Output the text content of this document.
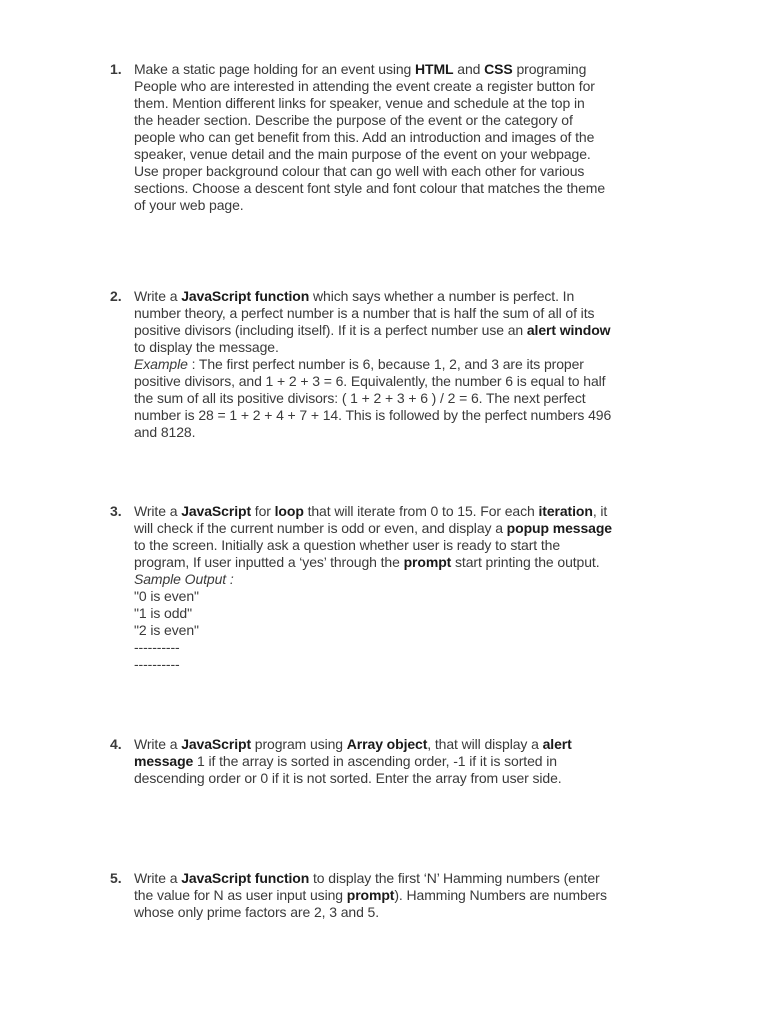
1. Make a static page holding for an event using HTML and CSS programing
People who are interested in attending the event create a register button for
them. Mention different links for speaker, venue and schedule at the top in
the header section. Describe the purpose of the event or the category of
people who can get benefit from this. Add an introduction and images of the
speaker, venue detail and the main purpose of the event on your webpage.
Use proper background colour that can go well with each other for various
sections. Choose a descent font style and font colour that matches the theme
of your web page.
2. Write a JavaScript function which says whether a number is perfect. In
number theory, a perfect number is a number that is half the sum of all of its
positive divisors (including itself). If it is a perfect number use an alert window
to display the message.
Example : The first perfect number is 6, because 1, 2, and 3 are its proper
positive divisors, and 1 + 2 + 3 = 6. Equivalently, the number 6 is equal to half
the sum of all its positive divisors: ( 1 + 2 + 3 + 6 ) / 2 = 6. The next perfect
number is 28 = 1 + 2 + 4 + 7 + 14. This is followed by the perfect numbers 496
and 8128.
3. Write a JavaScript for loop that will iterate from 0 to 15. For each iteration, it
will check if the current number is odd or even, and display a popup message
to the screen. Initially ask a question whether user is ready to start the
program, If user inputted a ‘yes’ through the prompt start printing the output.
Sample Output :
"0 is even"
"1 is odd"
"2 is even"
----------
----------
4. Write a JavaScript program using Array object, that will display a alert
message 1 if the array is sorted in ascending order, -1 if it is sorted in
descending order or 0 if it is not sorted. Enter the array from user side.
5. Write a JavaScript function to display the first ‘N’ Hamming numbers (enter
the value for N as user input using prompt). Hamming Numbers are numbers
whose only prime factors are 2, 3 and 5.
